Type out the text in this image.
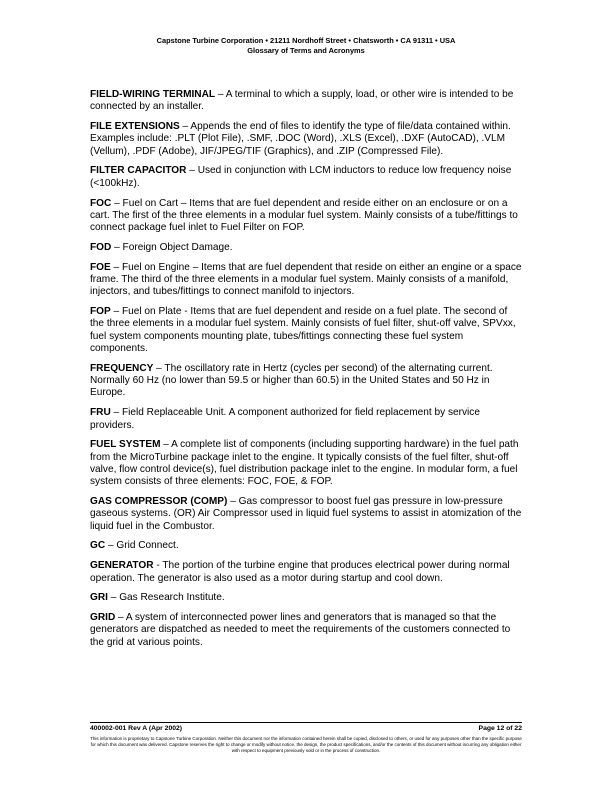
Capstone Turbine Corporation • 21211 Nordhoff Street • Chatsworth • CA 91311 • USA
Glossary of Terms and Acronyms

FIELD-WIRING TERMINAL – A terminal to which a supply, load, or other wire is intended to be connected by an installer.

FILE EXTENSIONS – Appends the end of files to identify the type of file/data contained within. Examples include: .PLT (Plot File), .SMF, .DOC (Word), .XLS (Excel), .DXF (AutoCAD), .VLM (Vellum), .PDF (Adobe), JIF/JPEG/TIF (Graphics), and .ZIP (Compressed File).

FILTER CAPACITOR – Used in conjunction with LCM inductors to reduce low frequency noise (<100kHz).

FOC – Fuel on Cart – Items that are fuel dependent and reside either on an enclosure or on a cart. The first of the three elements in a modular fuel system. Mainly consists of a tube/fittings to connect package fuel inlet to Fuel Filter on FOP.

FOD – Foreign Object Damage.

FOE – Fuel on Engine – Items that are fuel dependent that reside on either an engine or a space frame. The third of the three elements in a modular fuel system. Mainly consists of a manifold, injectors, and tubes/fittings to connect manifold to injectors.

FOP – Fuel on Plate - Items that are fuel dependent and reside on a fuel plate. The second of the three elements in a modular fuel system. Mainly consists of fuel filter, shut-off valve, SPVxx, fuel system components mounting plate, tubes/fittings connecting these fuel system components.

FREQUENCY – The oscillatory rate in Hertz (cycles per second) of the alternating current. Normally 60 Hz (no lower than 59.5 or higher than 60.5) in the United States and 50 Hz in Europe.

FRU – Field Replaceable Unit. A component authorized for field replacement by service providers.

FUEL SYSTEM – A complete list of components (including supporting hardware) in the fuel path from the MicroTurbine package inlet to the engine. It typically consists of the fuel filter, shut-off valve, flow control device(s), fuel distribution package inlet to the engine. In modular form, a fuel system consists of three elements: FOC, FOE, & FOP.

GAS COMPRESSOR (COMP) – Gas compressor to boost fuel gas pressure in low-pressure gaseous systems. (OR) Air Compressor used in liquid fuel systems to assist in atomization of the liquid fuel in the Combustor.

GC – Grid Connect.

GENERATOR - The portion of the turbine engine that produces electrical power during normal operation. The generator is also used as a motor during startup and cool down.

GRI – Gas Research Institute.

GRID – A system of interconnected power lines and generators that is managed so that the generators are dispatched as needed to meet the requirements of the customers connected to the grid at various points.

400002-001 Rev A (Apr 2002)	Page 12 of 22
This information is proprietary to Capstone Turbine Corporation. Neither this document nor the information contained herein shall be copied, disclosed to others, or used for any purposes other than the specific purpose for which this document was delivered. Capstone reserves the right to change or modify without notice, the design, the product specifications, and/or the contents of this document without incurring any obligation either with respect to equipment previously sold or in the process of construction.
